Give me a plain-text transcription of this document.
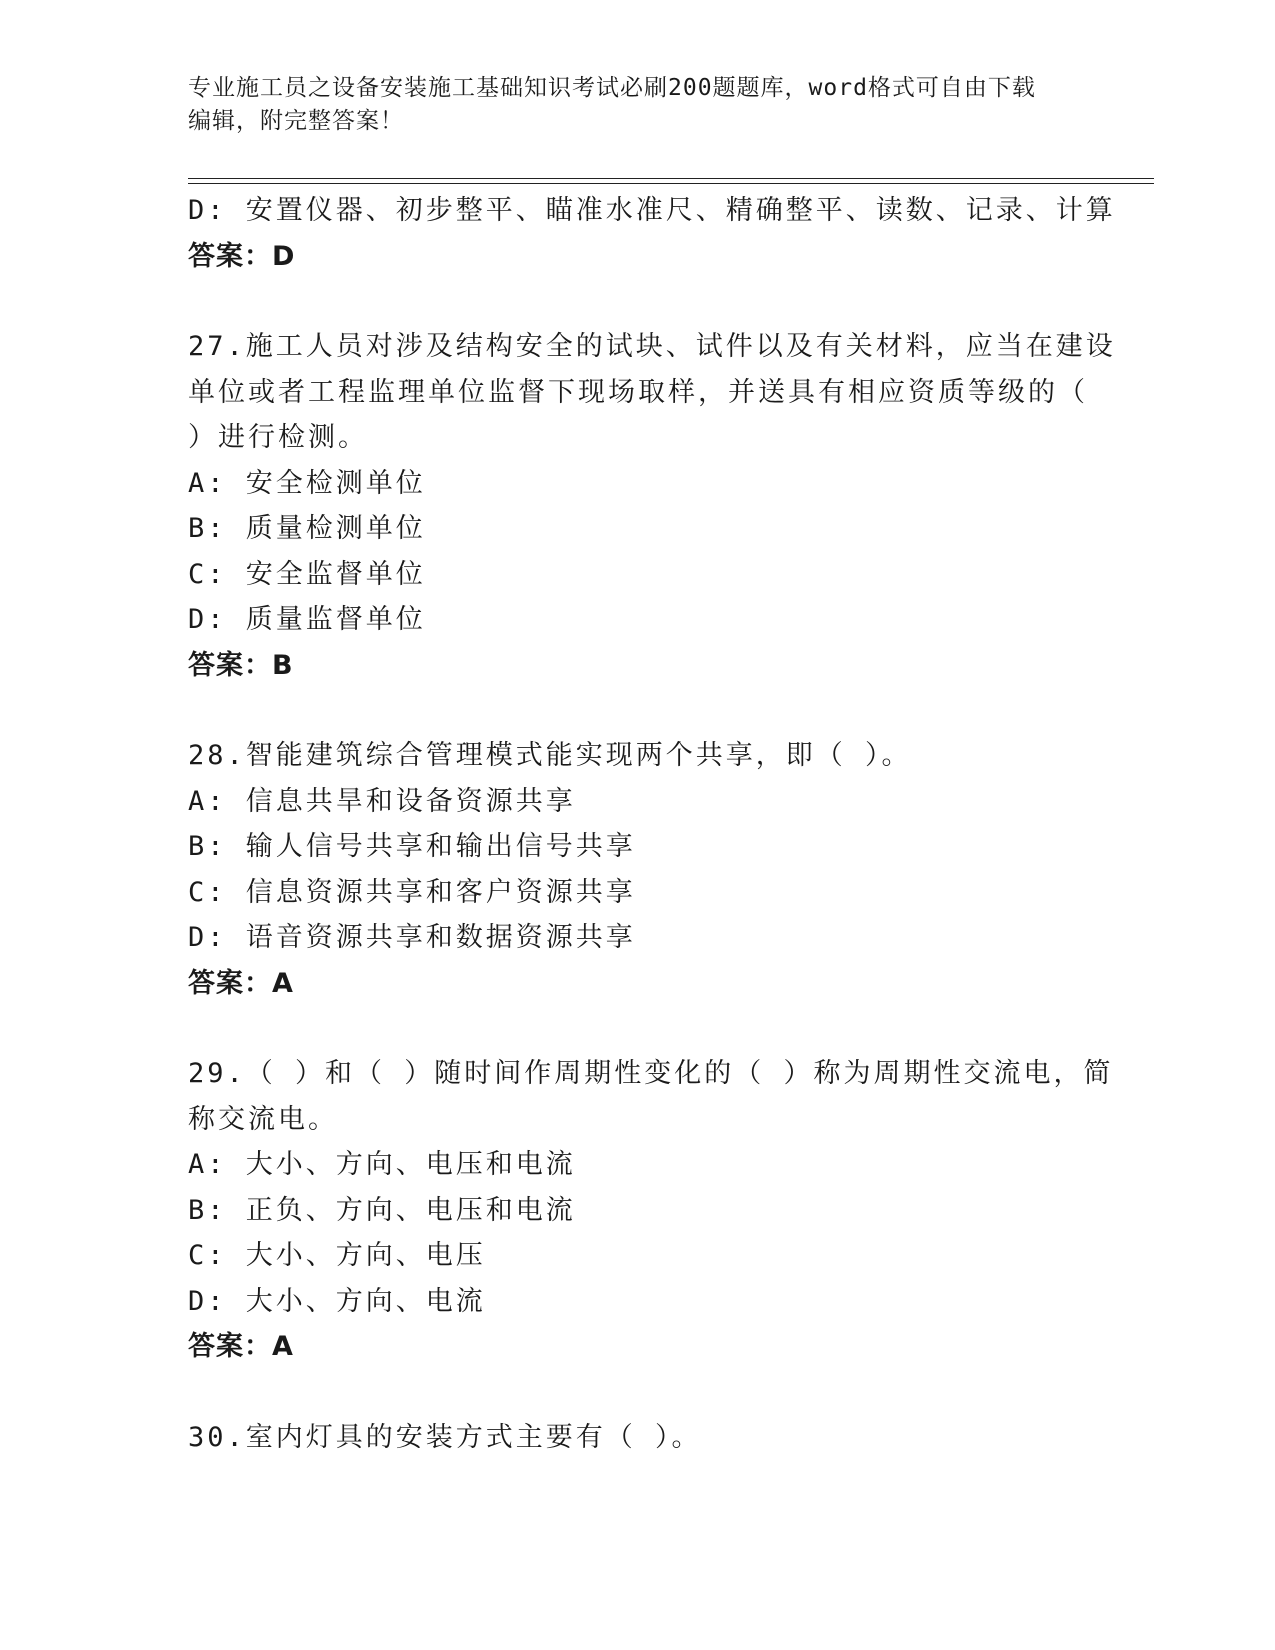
专业施工员之设备安装施工基础知识考试必刷200题题库，word格式可自由下载
编辑，附完整答案！
D: 安置仪器、初步整平、瞄准水准尺、精确整平、读数、记录、计算
答案：D
27.施工人员对涉及结构安全的试块、试件以及有关材料，应当在建设
单位或者工程监理单位监督下现场取样，并送具有相应资质等级的（
）进行检测。
A: 安全检测单位
B: 质量检测单位
C: 安全监督单位
D: 质量监督单位
答案：B
28.智能建筑综合管理模式能实现两个共享，即（ ）。
A: 信息共旱和设备资源共享
B: 输人信号共享和输出信号共享
C: 信息资源共享和客户资源共享
D: 语音资源共享和数据资源共享
答案：A
29.（ ）和（ ）随时间作周期性变化的（ ）称为周期性交流电，简
称交流电。
A: 大小、方向、电压和电流
B: 正负、方向、电压和电流
C: 大小、方向、电压
D: 大小、方向、电流
答案：A
30.室内灯具的安装方式主要有（ ）。
